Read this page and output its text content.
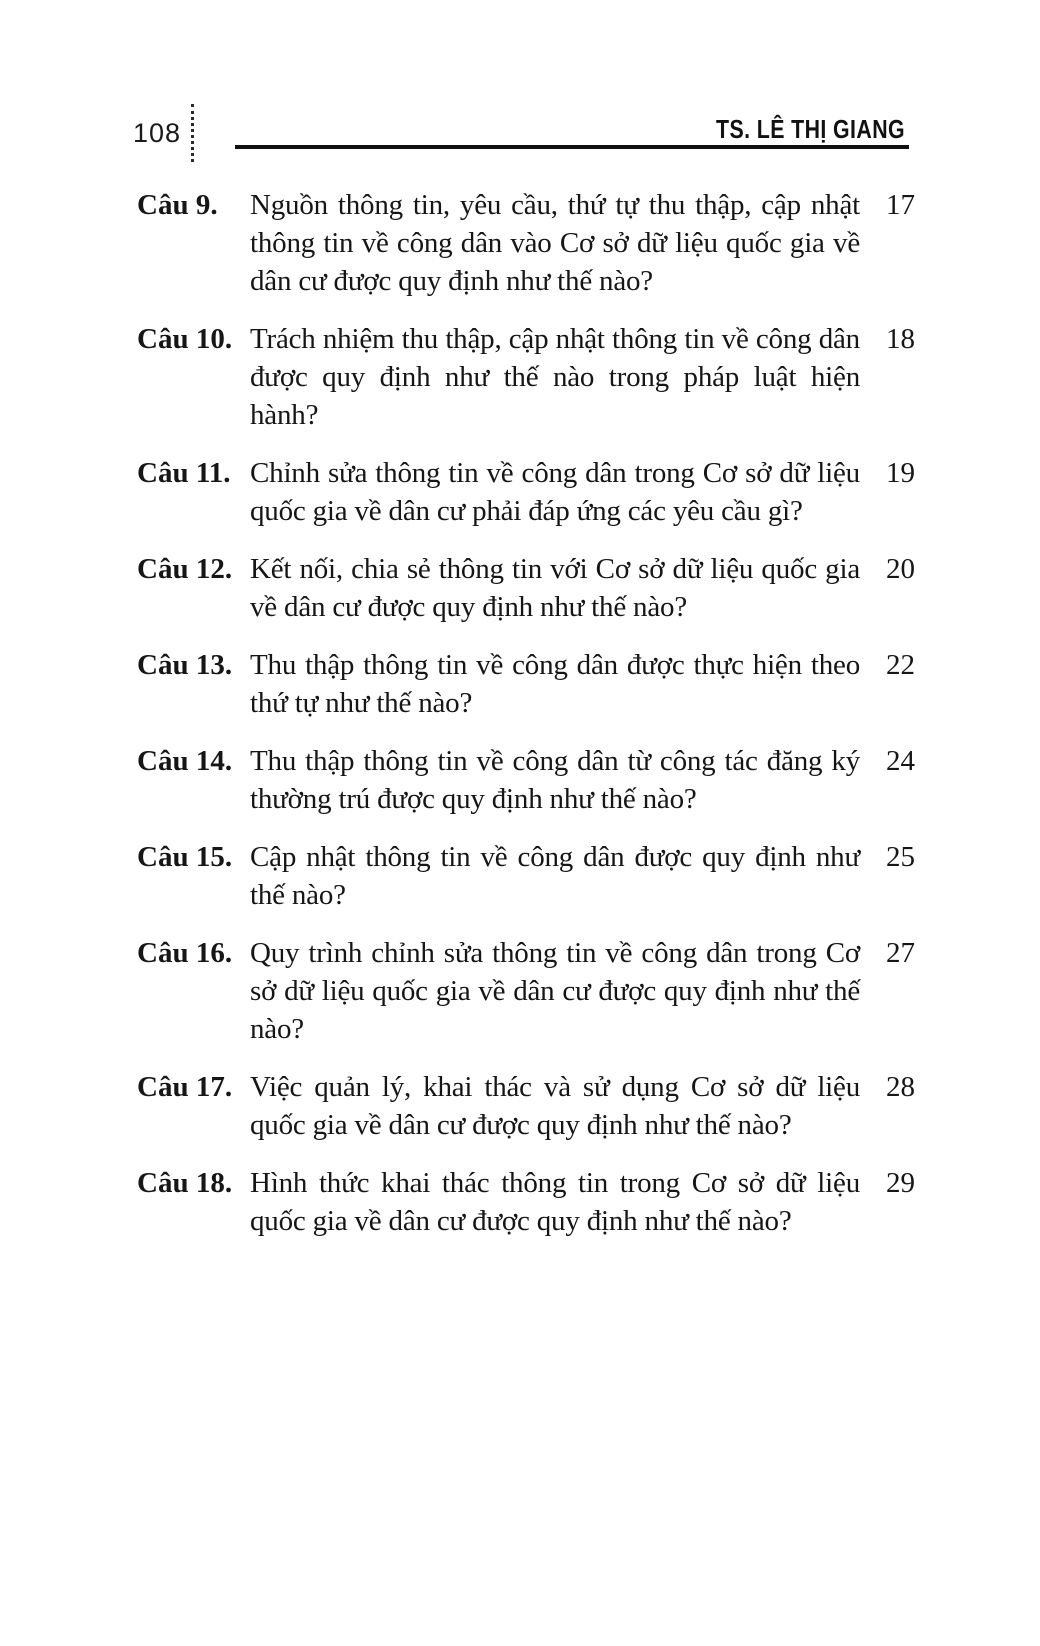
108	TS. LÊ THỊ GIANG
Câu 9.	Nguồn thông tin, yêu cầu, thứ tự thu thập, cập nhật thông tin về công dân vào Cơ sở dữ liệu quốc gia về dân cư được quy định như thế nào?
17
Câu 10. Trách nhiệm thu thập, cập nhật thông tin về công dân được quy định như thế nào trong pháp luật hiện hành?
18
Câu 11. Chỉnh sửa thông tin về công dân trong Cơ sở dữ liệu quốc gia về dân cư phải đáp ứng các yêu cầu gì?
19
Câu 12. Kết nối, chia sẻ thông tin với Cơ sở dữ liệu quốc gia về dân cư được quy định như thế nào?
20
Câu 13. Thu thập thông tin về công dân được thực hiện theo thứ tự như thế nào?
22
Câu 14. Thu thập thông tin về công dân từ công tác đăng ký thường trú được quy định như thế nào?
24
Câu 15. Cập nhật thông tin về công dân được quy định như thế nào?
25
Câu 16. Quy trình chỉnh sửa thông tin về công dân trong Cơ sở dữ liệu quốc gia về dân cư được quy định như thế nào?
27
Câu 17. Việc quản lý, khai thác và sử dụng Cơ sở dữ liệu quốc gia về dân cư được quy định như thế nào?
28
Câu 18. Hình thức khai thác thông tin trong Cơ sở dữ liệu quốc gia về dân cư được quy định như thế nào?
29
